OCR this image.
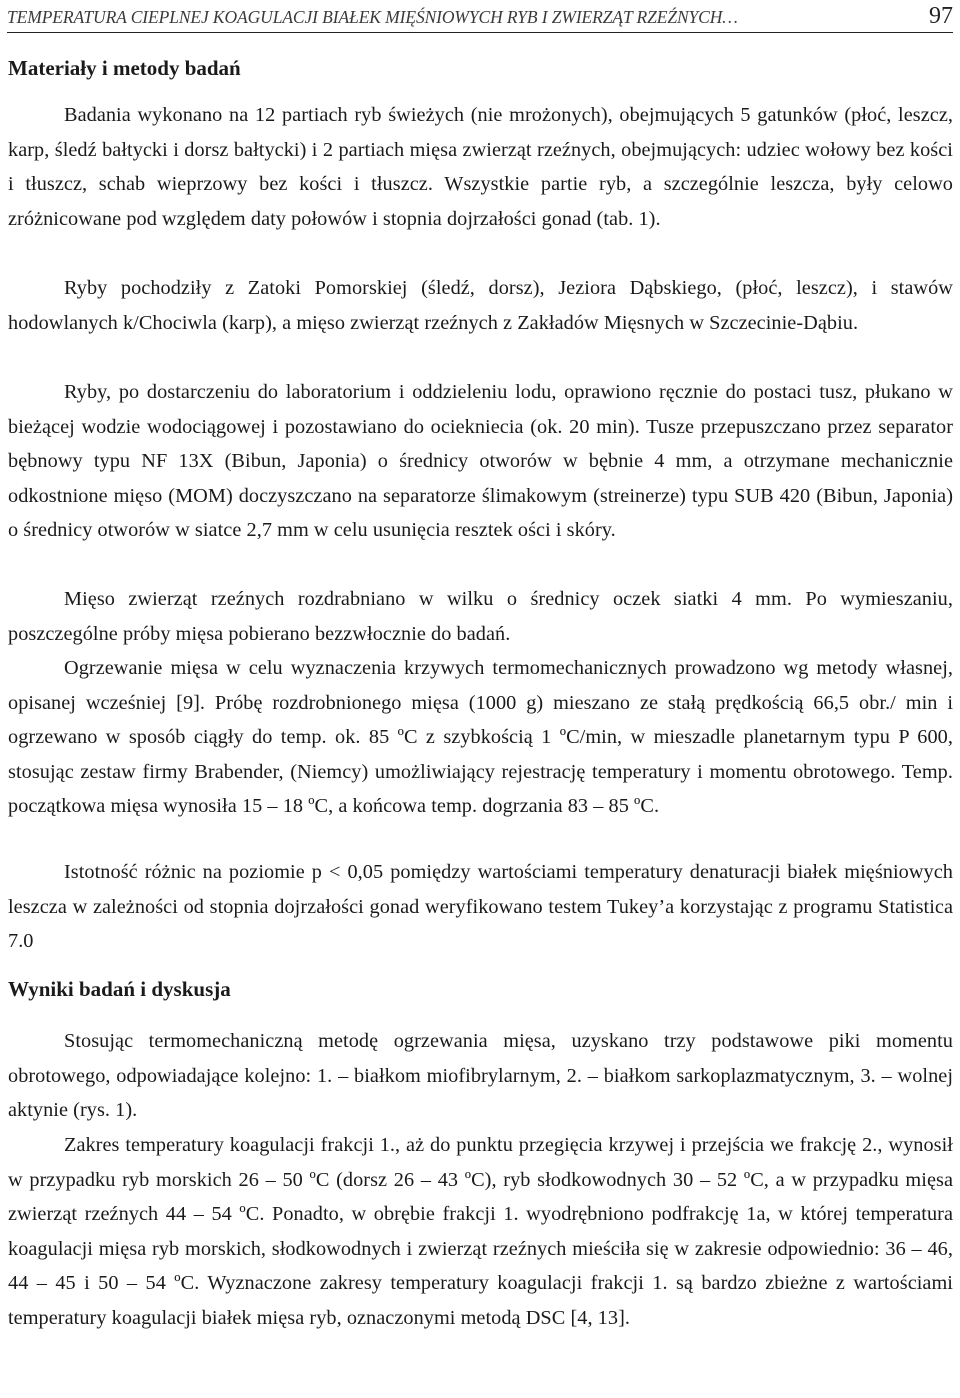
TEMPERATURA CIEPLNEJ KOAGULACJI BIAŁEK MIĘŚNIOWYCH RYB I ZWIERZĄT RZEŹNYCH…	97
Materiały i metody badań

Badania wykonano na 12 partiach ryb świeżych (nie mrożonych), obejmujących 5 gatunków (płoć, leszcz, karp, śledź bałtycki i dorsz bałtycki) i 2 partiach mięsa zwierząt rzeźnych, obejmujących: udziec wołowy bez kości i tłuszcz, schab wieprzowy bez kości i tłuszcz. Wszystkie partie ryb, a szczególnie leszcza, były celowo zróżnicowane pod względem daty połowów i stopnia dojrzałości gonad (tab. 1).

Ryby pochodziły z Zatoki Pomorskiej (śledź, dorsz), Jeziora Dąbskiego, (płoć, leszcz), i stawów hodowlanych k/Chociwla (karp), a mięso zwierząt rzeźnych z Zakładów Mięsnych w Szczecinie-Dąbiu.

Ryby, po dostarczeniu do laboratorium i oddzieleniu lodu, oprawiono ręcznie do postaci tusz, płukano w bieżącej wodzie wodociągowej i pozostawiano do ociekniecia (ok. 20 min). Tusze przepuszczano przez separator bębnowy typu NF 13X (Bibun, Japonia) o średnicy otworów w bębnie 4 mm, a otrzymane mechanicznie odkostnione mięso (MOM) doczyszczano na separatorze ślimakowym (streinerze) typu SUB 420 (Bibun, Japonia) o średnicy otworów w siatce 2,7 mm w celu usunięcia resztek ości i skóry.

Mięso zwierząt rzeźnych rozdrabniano w wilku o średnicy oczek siatki 4 mm. Po wymieszaniu, poszczególne próby mięsa pobierano bezzwłocznie do badań.

Ogrzewanie mięsa w celu wyznaczenia krzywych termomechanicznych prowadzono wg metody własnej, opisanej wcześniej [9]. Próbę rozdrobnionego mięsa (1000 g) mieszano ze stałą prędkością 66,5 obr./ min i ogrzewano w sposób ciągły do temp. ok. 85 ºC z szybkością 1 ºC/min, w mieszadle planetarnym typu P 600, stosując zestaw firmy Brabender, (Niemcy) umożliwiający rejestrację temperatury i momentu obrotowego. Temp. początkowa mięsa wynosiła 15 – 18 ºC, a końcowa temp. dogrzania 83 – 85 ºC.

Istotność różnic na poziomie p < 0,05 pomiędzy wartościami temperatury denaturacji białek mięśniowych leszcza w zależności od stopnia dojrzałości gonad weryfikowano testem Tukey’a korzystając z programu Statistica 7.0

Wyniki badań i dyskusja

Stosując termomechaniczną metodę ogrzewania mięsa, uzyskano trzy podstawowe piki momentu obrotowego, odpowiadające kolejno: 1. – białkom miofibrylarnym, 2. – białkom sarkoplazmatycznym, 3. – wolnej aktynie (rys. 1).

Zakres temperatury koagulacji frakcji 1., aż do punktu przegięcia krzywej i przejścia we frakcję 2., wynosił w przypadku ryb morskich 26 – 50 ºC (dorsz 26 – 43 ºC), ryb słodkowodnych 30 – 52 ºC, a w przypadku mięsa zwierząt rzeźnych 44 – 54 ºC. Ponadto, w obrębie frakcji 1. wyodrębniono podfrakcję 1a, w której temperatura koagulacji mięsa ryb morskich, słodkowodnych i zwierząt rzeźnych mieściła się w zakresie odpowiednio: 36 – 46, 44 – 45 i 50 – 54 ºC. Wyznaczone zakresy temperatury koagulacji frakcji 1. są bardzo zbieżne z wartościami temperatury koagulacji białek mięsa ryb, oznaczonymi metodą DSC [4, 13].
